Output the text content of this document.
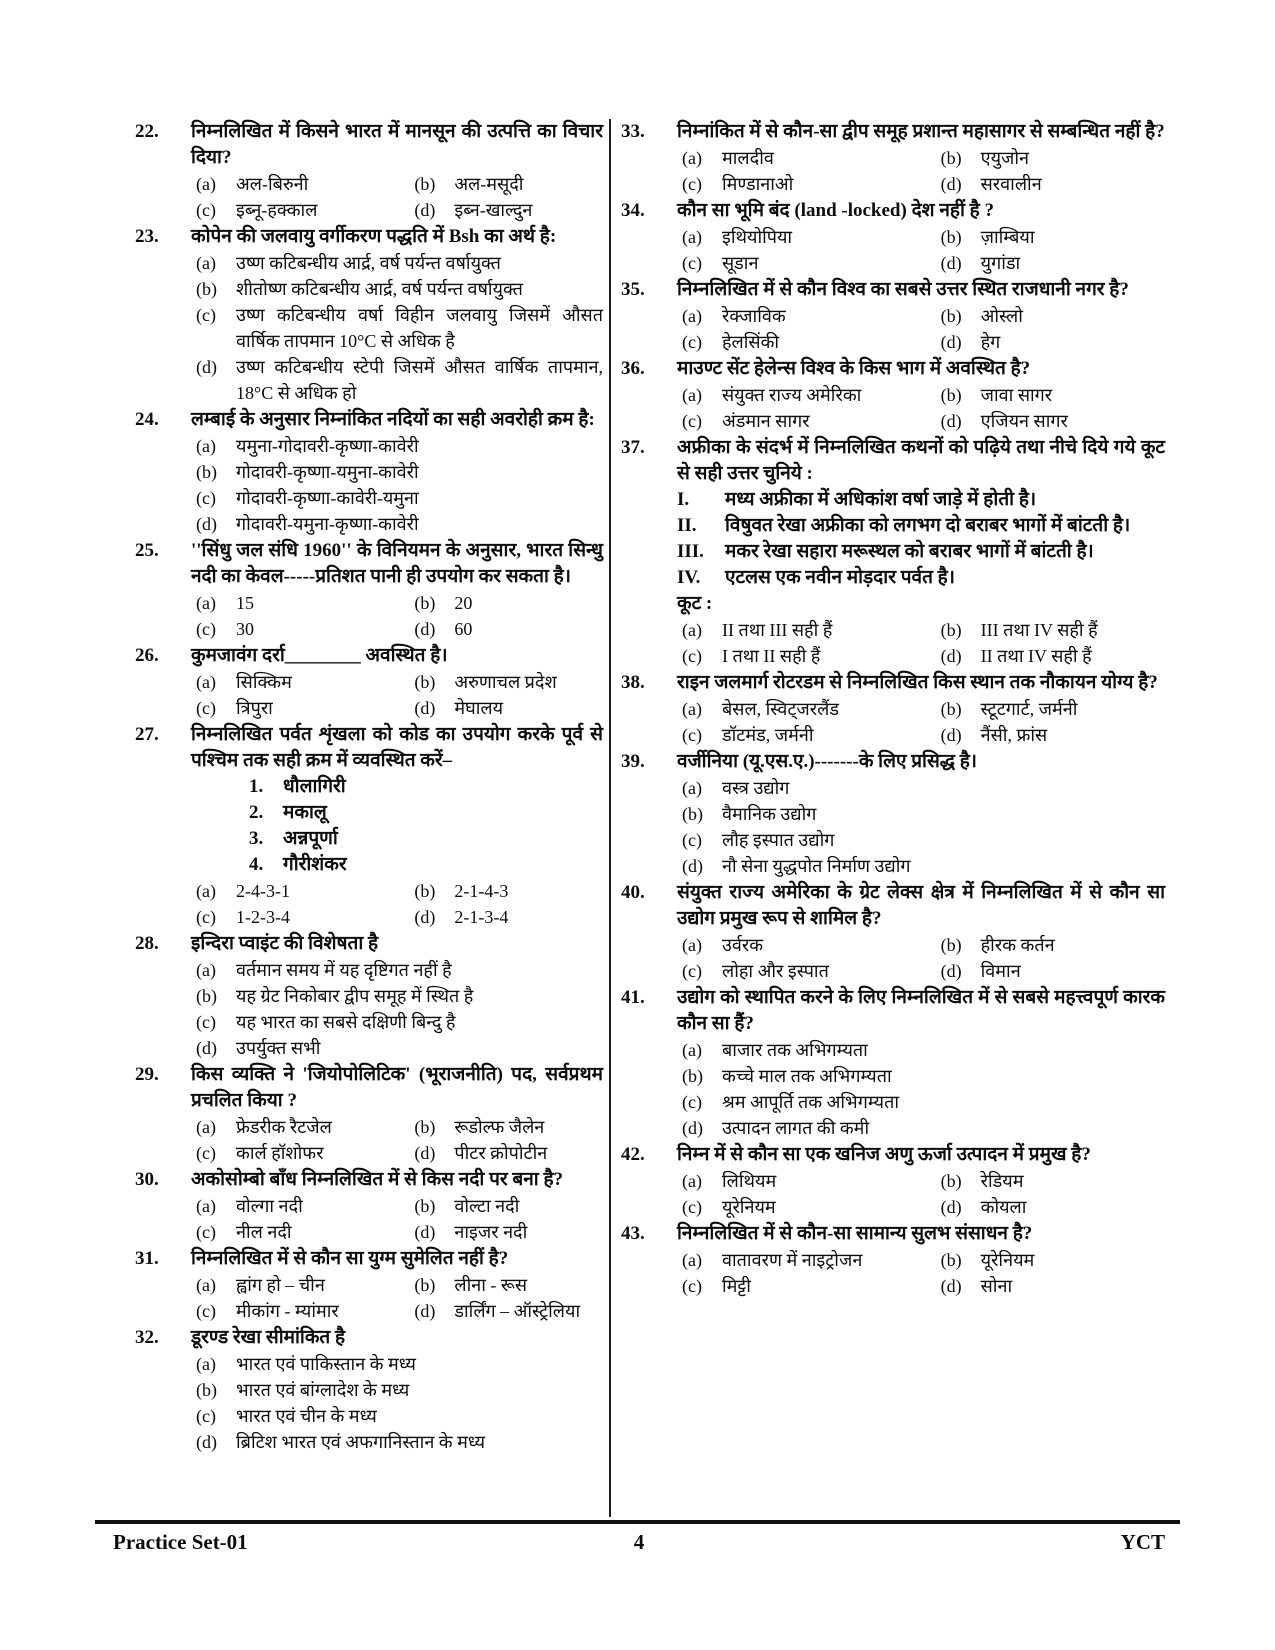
22.	निम्नलिखित में किसने भारत में मानसून की उत्पत्ति का विचार दिया?
(a)	अल-बिरुनी	(b)	अल-मसूदी
(c)	इब्नू-हक्काल	(d)	इब्न-खाल्दुन
23.	कोपेन की जलवायु वर्गीकरण पद्धति में Bsh का अर्थ है:
(a)	उष्ण कटिबन्धीय आर्द्र, वर्ष पर्यन्त वर्षायुक्त
(b)	शीतोष्ण कटिबन्धीय आर्द्र, वर्ष पर्यन्त वर्षायुक्त
(c)	उष्ण कटिबन्धीय वर्षा विहीन जलवायु जिसमें औसत वार्षिक तापमान 10°C से अधिक है
(d)	उष्ण कटिबन्धीय स्टेपी जिसमें औसत वार्षिक तापमान, 18°C से अधिक हो
24.	लम्बाई के अनुसार निम्नांकित नदियों का सही अवरोही क्रम है:
(a)	यमुना-गोदावरी-कृष्णा-कावेरी
(b)	गोदावरी-कृष्णा-यमुना-कावेरी
(c)	गोदावरी-कृष्णा-कावेरी-यमुना
(d)	गोदावरी-यमुना-कृष्णा-कावेरी
25.	''सिंधु जल संधि 1960'' के विनियमन के अनुसार, भारत सिन्धु नदी का केवल-----प्रतिशत पानी ही उपयोग कर सकता है।
(a)	15	(b)	20
(c)	30	(d)	60
26.	कुमजावंग दर्रा________ अवस्थित है।
(a)	सिक्किम	(b)	अरुणाचल प्रदेश
(c)	त्रिपुरा	(d)	मेघालय
27.	निम्नलिखित पर्वत शृंखला को कोड का उपयोग करके पूर्व से पश्चिम तक सही क्रम में व्यवस्थित करें–
1.	धौलागिरी
2.	मकालू
3.	अन्नपूर्णा
4.	गौरीशंकर
(a)	2-4-3-1	(b)	2-1-4-3
(c)	1-2-3-4	(d)	2-1-3-4
28.	इन्दिरा प्वाइंट की विशेषता है
(a)	वर्तमान समय में यह दृष्टिगत नहीं है
(b)	यह ग्रेट निकोबार द्वीप समूह में स्थित है
(c)	यह भारत का सबसे दक्षिणी बिन्दु है
(d)	उपर्युक्त सभी
29.	किस व्यक्ति ने 'जियोपोलिटिक' (भूराजनीति) पद, सर्वप्रथम प्रचलित किया ?
(a)	फ्रेडरीक रैटजेल	(b)	रूडोल्फ जैलेन
(c)	कार्ल हॉशोफर	(d)	पीटर क्रोपोटीन
30.	अकोसोम्बो बाँध निम्नलिखित में से किस नदी पर बना है?
(a)	वोल्गा नदी	(b)	वोल्टा नदी
(c)	नील नदी	(d)	नाइजर नदी
31.	निम्नलिखित में से कौन सा युग्म सुमेलित नहीं है?
(a)	ह्वांग हो – चीन	(b)	लीना - रूस
(c)	मीकांग - म्यांमार	(d)	डार्लिंग – ऑस्ट्रेलिया
32.	डूरण्ड रेखा सीमांकित है
(a)	भारत एवं पाकिस्तान के मध्य
(b)	भारत एवं बांग्लादेश के मध्य
(c)	भारत एवं चीन के मध्य
(d)	ब्रिटिश भारत एवं अफगानिस्तान के मध्य
33.	निम्नांकित में से कौन-सा द्वीप समूह प्रशान्त महासागर से सम्बन्धित नहीं है?
(a)	मालदीव	(b)	एयुजोन
(c)	मिण्डानाओ	(d)	सरवालीन
34.	कौन सा भूमि बंद (land -locked) देश नहीं है ?
(a)	इथियोपिया	(b)	ज़ाम्बिया
(c)	सूडान	(d)	युगांडा
35.	निम्नलिखित में से कौन विश्व का सबसे उत्तर स्थित राजधानी नगर है?
(a)	रेक्जाविक	(b)	ओस्लो
(c)	हेलसिंकी	(d)	हेग
36.	माउण्ट सेंट हेलेन्स विश्व के किस भाग में अवस्थित है?
(a)	संयुक्त राज्य अमेरिका	(b)	जावा सागर
(c)	अंडमान सागर	(d)	एजियन सागर
37.	अफ्रीका के संदर्भ में निम्नलिखित कथनों को पढ़िये तथा नीचे दिये गये कूट से सही उत्तर चुनिये :
I.	मध्य अफ्रीका में अधिकांश वर्षा जाड़े में होती है।
II.	विषुवत रेखा अफ्रीका को लगभग दो बराबर भागों में बांटती है।
III.	मकर रेखा सहारा मरूस्थल को बराबर भागों में बांटती है।
IV.	एटलस एक नवीन मोड़दार पर्वत है।
कूट :
(a)	II तथा III सही हैं	(b)	III तथा IV सही हैं
(c)	I तथा II सही हैं	(d)	II तथा IV सही हैं
38.	राइन जलमार्ग रोटरडम से निम्नलिखित किस स्थान तक नौकायन योग्य है?
(a)	बेसल, स्विट्जरलैंड	(b)	स्टूटगार्ट, जर्मनी
(c)	डॉटमंड, जर्मनी	(d)	नैंसी, फ्रांस
39.	वर्जीनिया (यू.एस.ए.)-------के लिए प्रसिद्ध है।
(a)	वस्त्र उद्योग
(b)	वैमानिक उद्योग
(c)	लौह इस्पात उद्योग
(d)	नौ सेना युद्धपोत निर्माण उद्योग
40.	संयुक्त राज्य अमेरिका के ग्रेट लेक्स क्षेत्र में निम्नलिखित में से कौन सा उद्योग प्रमुख रूप से शामिल है?
(a)	उर्वरक	(b)	हीरक कर्तन
(c)	लोहा और इस्पात	(d)	विमान
41.	उद्योग को स्थापित करने के लिए निम्नलिखित में से सबसे महत्त्वपूर्ण कारक कौन सा हैं?
(a)	बाजार तक अभिगम्यता
(b)	कच्चे माल तक अभिगम्यता
(c)	श्रम आपूर्ति तक अभिगम्यता
(d)	उत्पादन लागत की कमी
42.	निम्न में से कौन सा एक खनिज अणु ऊर्जा उत्पादन में प्रमुख है?
(a)	लिथियम	(b)	रेडियम
(c)	यूरेनियम	(d)	कोयला
43.	निम्नलिखित में से कौन-सा सामान्य सुलभ संसाधन है?
(a)	वातावरण में नाइट्रोजन	(b)	यूरेनियम
(c)	मिट्टी	(d)	सोना
Practice Set-01	4	YCT
